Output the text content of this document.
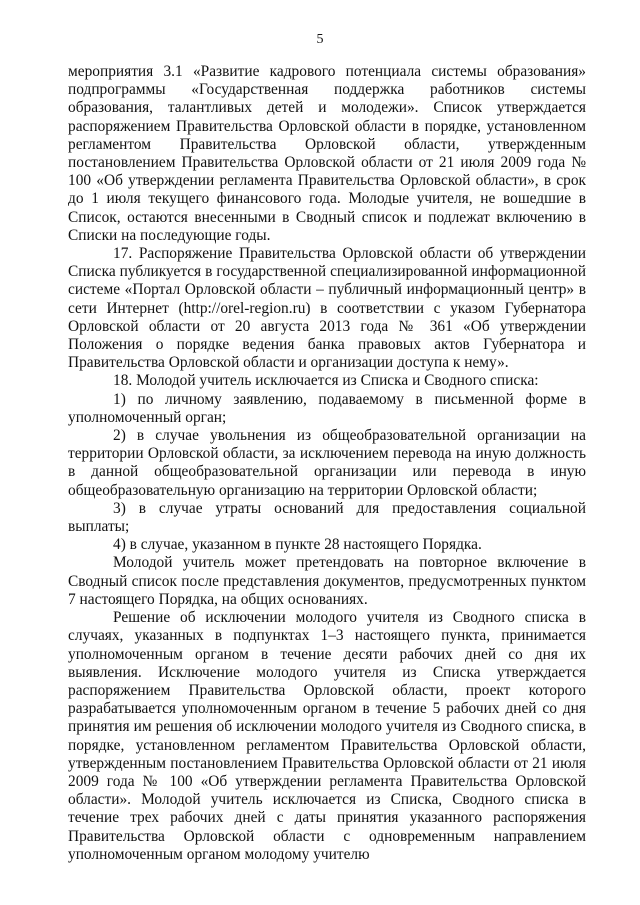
5

мероприятия 3.1 «Развитие кадрового потенциала системы образования» подпрограммы «Государственная поддержка работников системы образования, талантливых детей и молодежи». Список утверждается распоряжением Правительства Орловской области в порядке, установленном регламентом Правительства Орловской области, утвержденным постановлением Правительства Орловской области от 21 июля 2009 года № 100 «Об утверждении регламента Правительства Орловской области», в срок до 1 июля текущего финансового года. Молодые учителя, не вошедшие в Список, остаются внесенными в Сводный список и подлежат включению в Списки на последующие годы.

17. Распоряжение Правительства Орловской области об утверждении Списка публикуется в государственной специализированной информационной системе «Портал Орловской области – публичный информационный центр» в сети Интернет (http://orel-region.ru) в соответствии с указом Губернатора Орловской области от 20 августа 2013 года № 361 «Об утверждении Положения о порядке ведения банка правовых актов Губернатора и Правительства Орловской области и организации доступа к нему».

18. Молодой учитель исключается из Списка и Сводного списка:

1) по личному заявлению, подаваемому в письменной форме в уполномоченный орган;

2) в случае увольнения из общеобразовательной организации на территории Орловской области, за исключением перевода на иную должность в данной общеобразовательной организации или перевода в иную общеобразовательную организацию на территории Орловской области;

3) в случае утраты оснований для предоставления социальной выплаты;

4) в случае, указанном в пункте 28 настоящего Порядка.

Молодой учитель может претендовать на повторное включение в Сводный список после представления документов, предусмотренных пунктом 7 настоящего Порядка, на общих основаниях.

Решение об исключении молодого учителя из Сводного списка в случаях, указанных в подпунктах 1–3 настоящего пункта, принимается уполномоченным органом в течение десяти рабочих дней со дня их выявления. Исключение молодого учителя из Списка утверждается распоряжением Правительства Орловской области, проект которого разрабатывается уполномоченным органом в течение 5 рабочих дней со дня принятия им решения об исключении молодого учителя из Сводного списка, в порядке, установленном регламентом Правительства Орловской области, утвержденным постановлением Правительства Орловской области от 21 июля 2009 года № 100 «Об утверждении регламента Правительства Орловской области». Молодой учитель исключается из Списка, Сводного списка в течение трех рабочих дней с даты принятия указанного распоряжения Правительства Орловской области с одновременным направлением уполномоченным органом молодому учителю
